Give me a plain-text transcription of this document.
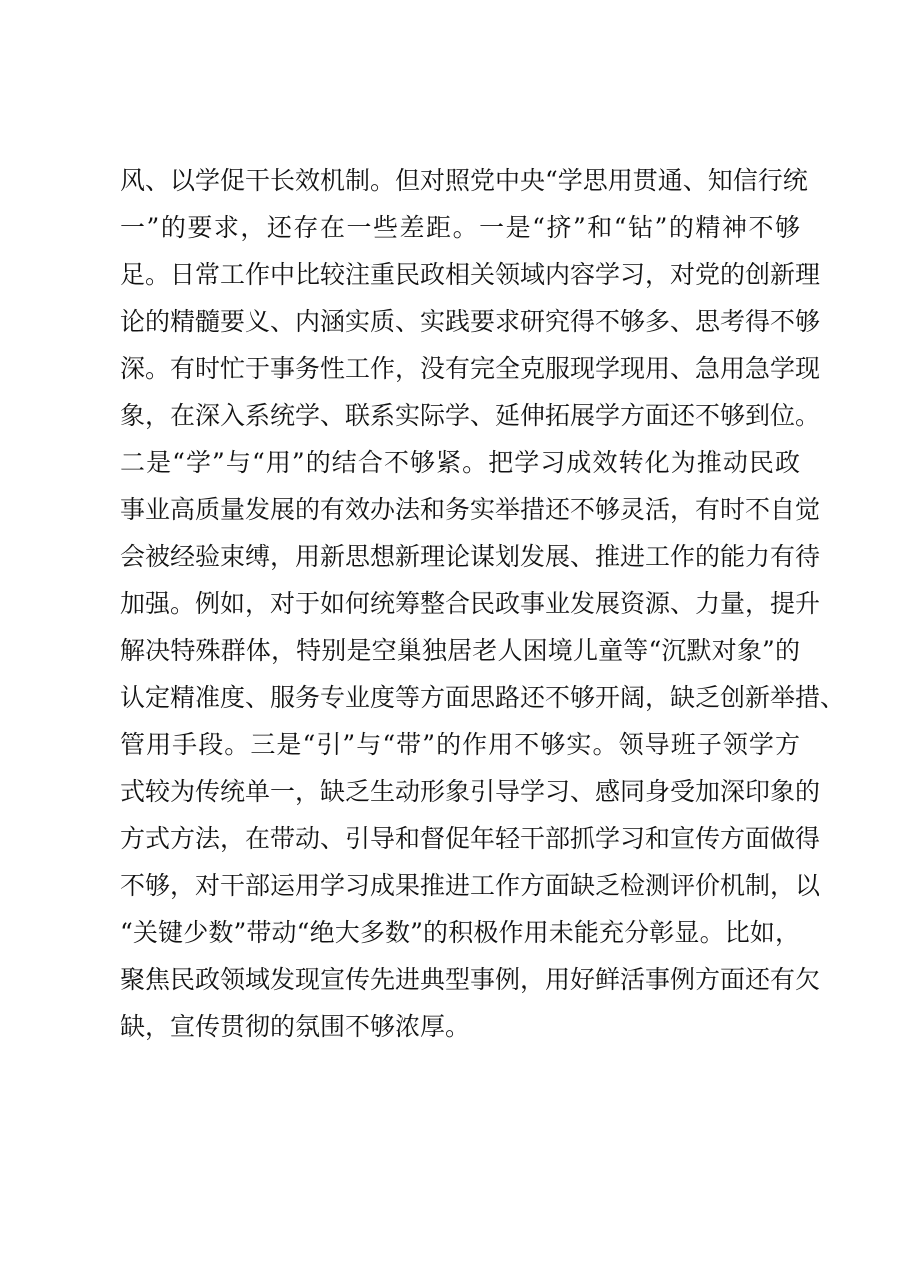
风、以学促干长效机制。但对照党中央“学思用贯通、知信行统
一”的要求，还存在一些差距。一是“挤”和“钻”的精神不够
足。日常工作中比较注重民政相关领域内容学习，对党的创新理
论的精髓要义、内涵实质、实践要求研究得不够多、思考得不够
深。有时忙于事务性工作，没有完全克服现学现用、急用急学现
象，在深入系统学、联系实际学、延伸拓展学方面还不够到位。
二是“学”与“用”的结合不够紧。把学习成效转化为推动民政
事业高质量发展的有效办法和务实举措还不够灵活，有时不自觉
会被经验束缚，用新思想新理论谋划发展、推进工作的能力有待
加强。例如，对于如何统筹整合民政事业发展资源、力量，提升
解决特殊群体，特别是空巢独居老人困境儿童等“沉默对象”的
认定精准度、服务专业度等方面思路还不够开阔，缺乏创新举措、
管用手段。三是“引”与“带”的作用不够实。领导班子领学方
式较为传统单一，缺乏生动形象引导学习、感同身受加深印象的
方式方法，在带动、引导和督促年轻干部抓学习和宣传方面做得
不够，对干部运用学习成果推进工作方面缺乏检测评价机制，以
“关键少数”带动“绝大多数”的积极作用未能充分彰显。比如，
聚焦民政领域发现宣传先进典型事例，用好鲜活事例方面还有欠
缺，宣传贯彻的氛围不够浓厚。
